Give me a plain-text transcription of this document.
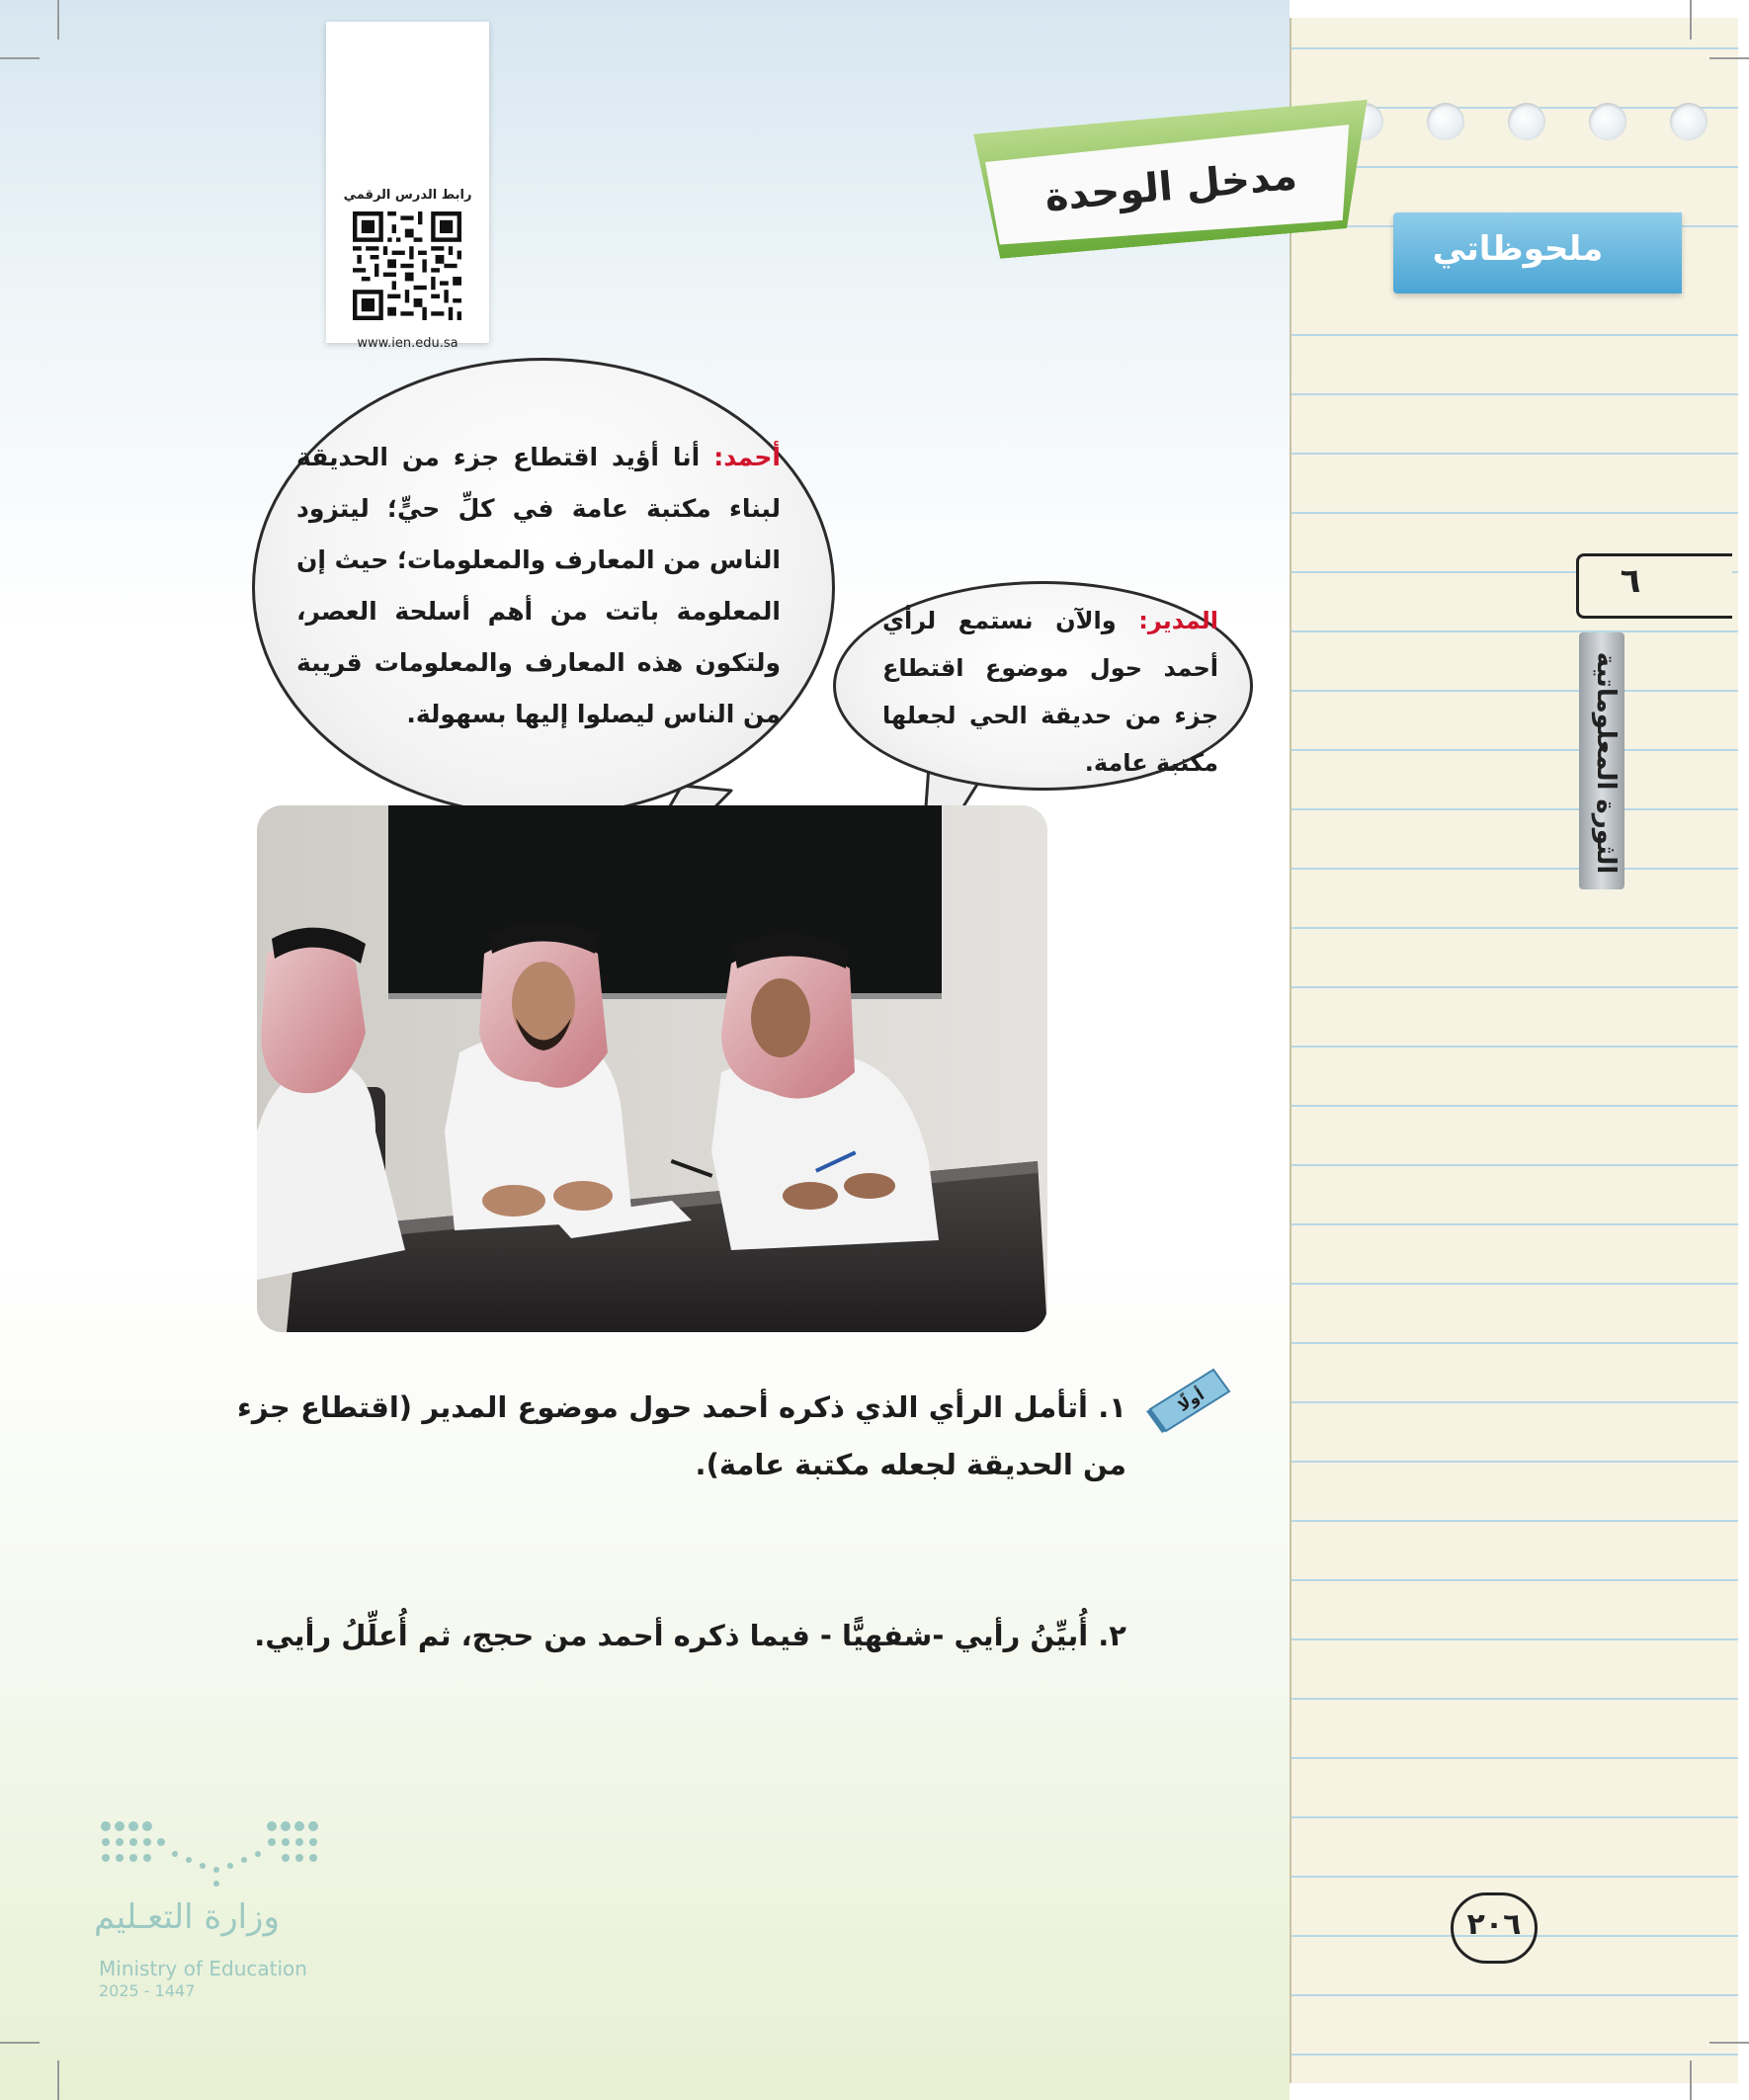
رابط الدرس الرقمي
www.ien.edu.sa
مدخل الوحدة
ملحوظاتي
٦
الثورة المعلوماتية
أحمد: أنا أؤيد اقتطاع جزء من الحديقة لبناء مكتبة عامة في كلِّ حيٍّ؛ ليتزود الناس من المعارف والمعلومات؛ حيث إن المعلومة باتت من أهم أسلحة العصر، ولتكون هذه المعارف والمعلومات قريبة من الناس ليصلوا إليها بسهولة.
المدير: والآن نستمع لرأي أحمد حول موضوع اقتطاع جزء من حديقة الحي لجعلها مكتبة عامة.
أولًا
١. أتأمل الرأي الذي ذكره أحمد حول موضوع المدير (اقتطاع جزء من الحديقة لجعله مكتبة عامة).
٢. أُبيِّنُ رأيي -شفهيًّا - فيما ذكره أحمد من حجج، ثم أُعلِّلُ رأيي.
وزارة التعـليم
Ministry of Education
2025 - 1447
٢٠٦
